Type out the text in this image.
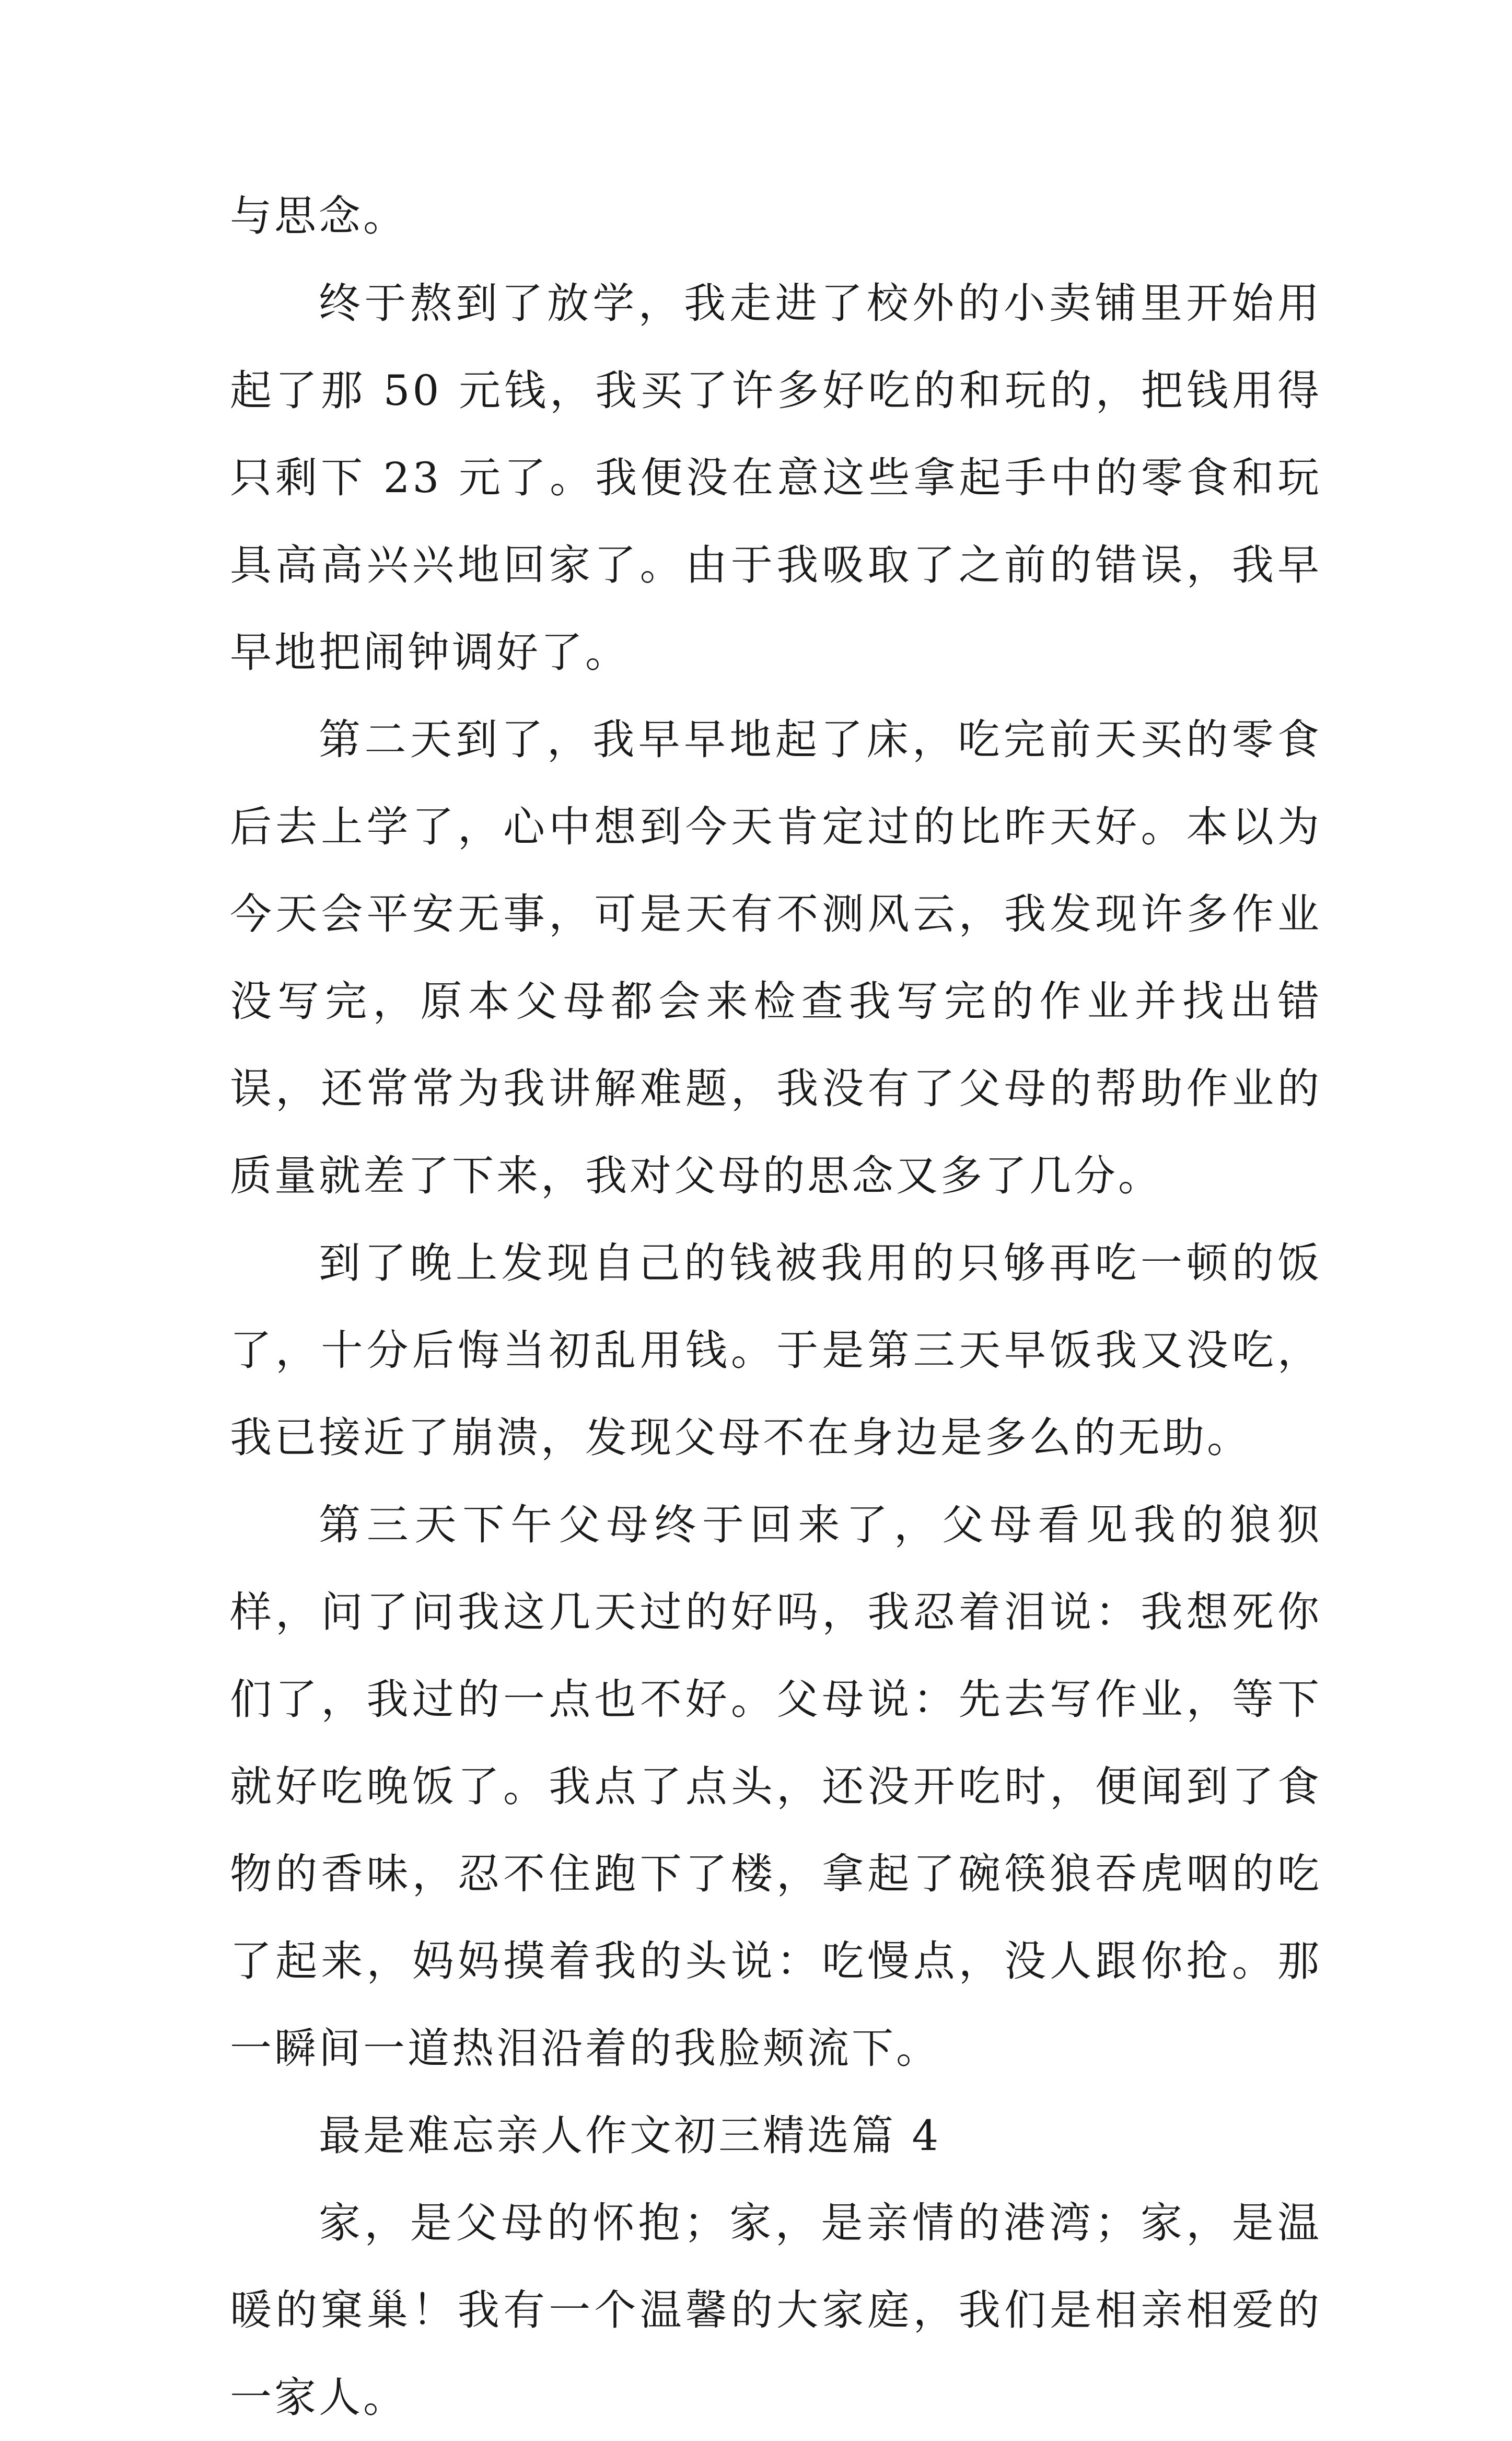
与思念。

终于熬到了放学，我走进了校外的小卖铺里开始用起了那 50 元钱，我买了许多好吃的和玩的，把钱用得只剩下 23 元了。我便没在意这些拿起手中的零食和玩具高高兴兴地回家了。由于我吸取了之前的错误，我早早地把闹钟调好了。

第二天到了，我早早地起了床，吃完前天买的零食后去上学了，心中想到今天肯定过的比昨天好。本以为今天会平安无事，可是天有不测风云，我发现许多作业没写完，原本父母都会来检查我写完的作业并找出错误，还常常为我讲解难题，我没有了父母的帮助作业的质量就差了下来，我对父母的思念又多了几分。

到了晚上发现自己的钱被我用的只够再吃一顿的饭了，十分后悔当初乱用钱。于是第三天早饭我又没吃，我已接近了崩溃，发现父母不在身边是多么的无助。

第三天下午父母终于回来了，父母看见我的狼狈样，问了问我这几天过的好吗，我忍着泪说：我想死你们了，我过的一点也不好。父母说：先去写作业，等下就好吃晚饭了。我点了点头，还没开吃时，便闻到了食物的香味，忍不住跑下了楼，拿起了碗筷狼吞虎咽的吃了起来，妈妈摸着我的头说：吃慢点，没人跟你抢。那一瞬间一道热泪沿着的我脸颊流下。

最是难忘亲人作文初三精选篇 4

家，是父母的怀抱；家，是亲情的港湾；家，是温暖的窠巢！我有一个温馨的大家庭，我们是相亲相爱的一家人。
